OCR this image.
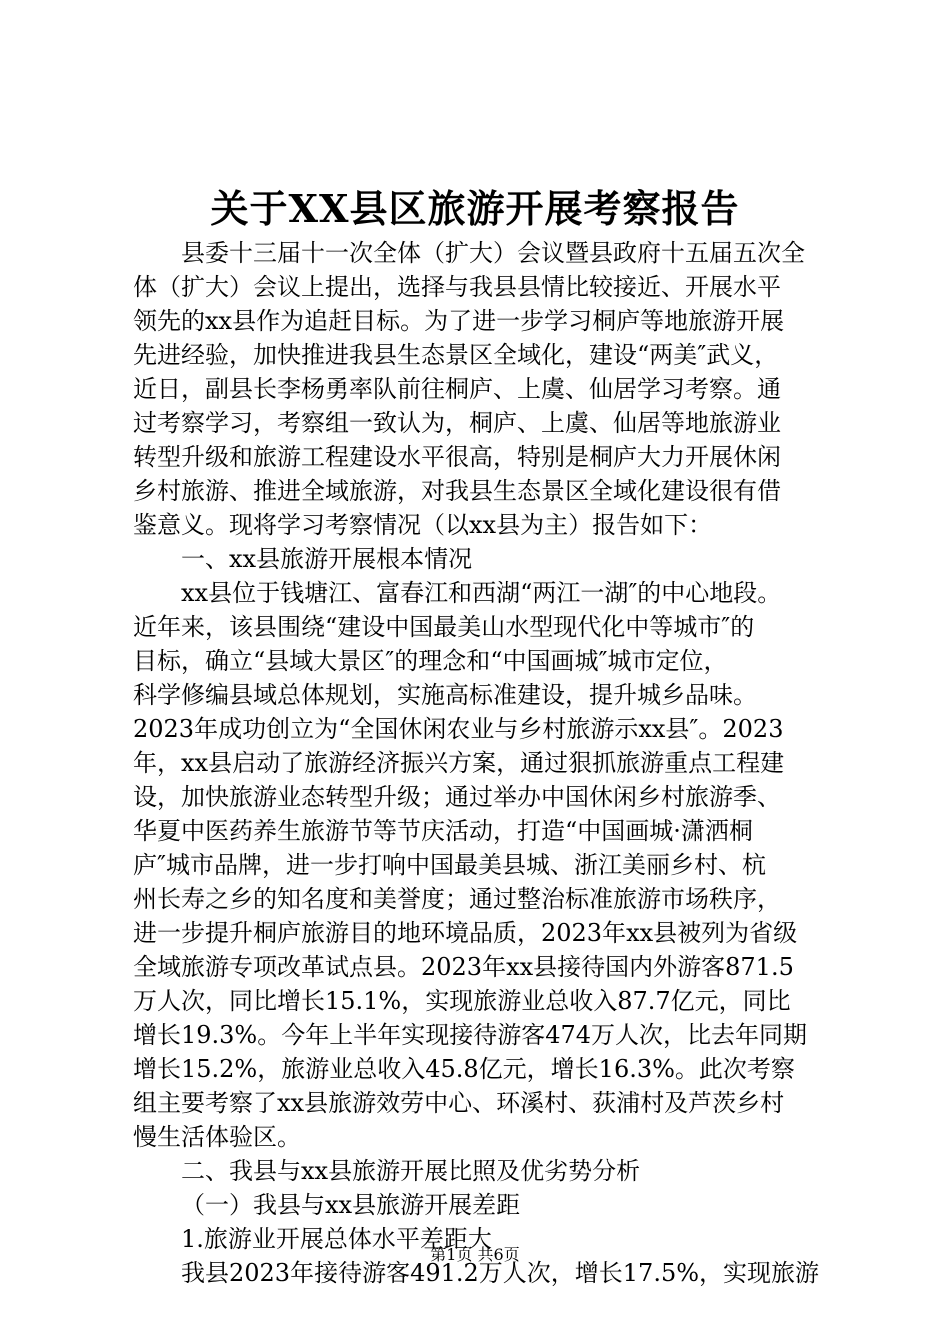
关于XX县区旅游开展考察报告
县委十三届十一次全体（扩大）会议暨县政府十五届五次全
体（扩大）会议上提出，选择与我县县情比较接近、开展水平
领先的xx县作为追赶目标。为了进一步学习桐庐等地旅游开展
先进经验，加快推进我县生态景区全域化，建设“两美″武义，
近日，副县长李杨勇率队前往桐庐、上虞、仙居学习考察。通
过考察学习，考察组一致认为，桐庐、上虞、仙居等地旅游业
转型升级和旅游工程建设水平很高，特别是桐庐大力开展休闲
乡村旅游、推进全域旅游，对我县生态景区全域化建设很有借
鉴意义。现将学习考察情况（以xx县为主）报告如下：
一、xx县旅游开展根本情况
xx县位于钱塘江、富春江和西湖“两江一湖″的中心地段。
近年来，该县围绕“建设中国最美山水型现代化中等城市″的
目标，确立“县域大景区″的理念和“中国画城″城市定位，
科学修编县域总体规划，实施高标准建设，提升城乡品味。
2023年成功创立为“全国休闲农业与乡村旅游示xx县″。2023
年，xx县启动了旅游经济振兴方案，通过狠抓旅游重点工程建
设，加快旅游业态转型升级；通过举办中国休闲乡村旅游季、
华夏中医药养生旅游节等节庆活动，打造“中国画城·潇洒桐
庐″城市品牌，进一步打响中国最美县城、浙江美丽乡村、杭
州长寿之乡的知名度和美誉度；通过整治标准旅游市场秩序，
进一步提升桐庐旅游目的地环境品质，2023年xx县被列为省级
全域旅游专项改革试点县。2023年xx县接待国内外游客871.5
万人次，同比增长15.1%，实现旅游业总收入87.7亿元，同比
增长19.3%。今年上半年实现接待游客474万人次，比去年同期
增长15.2%，旅游业总收入45.8亿元，增长16.3%。此次考察
组主要考察了xx县旅游效劳中心、环溪村、荻浦村及芦茨乡村
慢生活体验区。
二、我县与xx县旅游开展比照及优劣势分析
（一）我县与xx县旅游开展差距
1.旅游业开展总体水平差距大
我县2023年接待游客491.2万人次，增长17.5%，实现旅游
第1页 共6页
